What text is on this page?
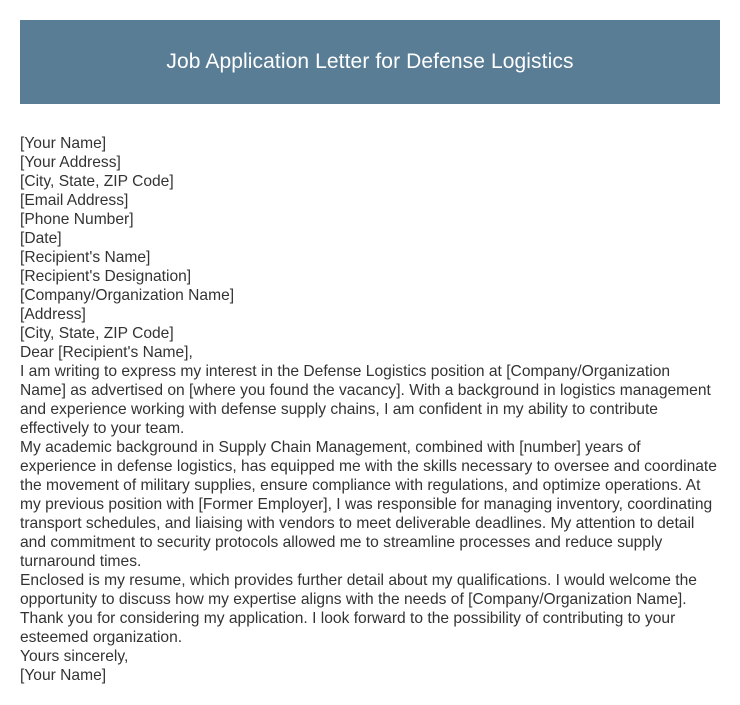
Job Application Letter for Defense Logistics

[Your Name]

[Your Address]

[City, State, ZIP Code]

[Email Address]

[Phone Number]

[Date]

[Recipient's Name]

[Recipient's Designation]

[Company/Organization Name]

[Address]

[City, State, ZIP Code]

Dear [Recipient's Name],

I am writing to express my interest in the Defense Logistics position at [Company/Organization Name] as advertised on [where you found the vacancy]. With a background in logistics management and experience working with defense supply chains, I am confident in my ability to contribute effectively to your team.

My academic background in Supply Chain Management, combined with [number] years of experience in defense logistics, has equipped me with the skills necessary to oversee and coordinate the movement of military supplies, ensure compliance with regulations, and optimize operations. At my previous position with [Former Employer], I was responsible for managing inventory, coordinating transport schedules, and liaising with vendors to meet deliverable deadlines. My attention to detail and commitment to security protocols allowed me to streamline processes and reduce supply turnaround times.

Enclosed is my resume, which provides further detail about my qualifications. I would welcome the opportunity to discuss how my expertise aligns with the needs of [Company/Organization Name].

Thank you for considering my application. I look forward to the possibility of contributing to your esteemed organization.

Yours sincerely,

[Your Name]
